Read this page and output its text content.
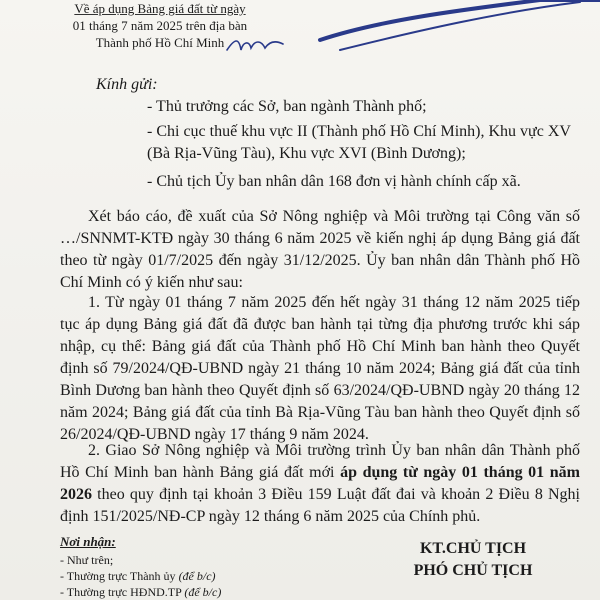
Về áp dụng Bảng giá đất từ ngày
01 tháng 7 năm 2025 trên địa bàn
Thành phố Hồ Chí Minh
Kính gửi:
- Thủ trưởng các Sở, ban ngành Thành phố;
- Chi cục thuế khu vực II (Thành phố Hồ Chí Minh), Khu vực XV (Bà Rịa-Vũng Tàu), Khu vực XVI (Bình Dương);
- Chủ tịch Ủy ban nhân dân 168 đơn vị hành chính cấp xã.
Xét báo cáo, đề xuất của Sở Nông nghiệp và Môi trường tại Công văn số …/SNNMT-KTĐ ngày 30 tháng 6 năm 2025 về kiến nghị áp dụng Bảng giá đất theo từ ngày 01/7/2025 đến ngày 31/12/2025. Ủy ban nhân dân Thành phố Hồ Chí Minh có ý kiến như sau:
1. Từ ngày 01 tháng 7 năm 2025 đến hết ngày 31 tháng 12 năm 2025 tiếp tục áp dụng Bảng giá đất đã được ban hành tại từng địa phương trước khi sáp nhập, cụ thể: Bảng giá đất của Thành phố Hồ Chí Minh ban hành theo Quyết định số 79/2024/QĐ-UBND ngày 21 tháng 10 năm 2024; Bảng giá đất của tỉnh Bình Dương ban hành theo Quyết định số 63/2024/QĐ-UBND ngày 20 tháng 12 năm 2024; Bảng giá đất của tỉnh Bà Rịa-Vũng Tàu ban hành theo Quyết định số 26/2024/QĐ-UBND ngày 17 tháng 9 năm 2024.
2. Giao Sở Nông nghiệp và Môi trường trình Ủy ban nhân dân Thành phố Hồ Chí Minh ban hành Bảng giá đất mới áp dụng từ ngày 01 tháng 01 năm 2026 theo quy định tại khoản 3 Điều 159 Luật đất đai và khoản 2 Điều 8 Nghị định 151/2025/NĐ-CP ngày 12 tháng 6 năm 2025 của Chính phủ.
Nơi nhận:
- Như trên;
- Thường trực Thành ủy (để b/c)
- Thường trực HĐND.TP (để b/c)
KT.CHỦ TỊCH
PHÓ CHỦ TỊCH
